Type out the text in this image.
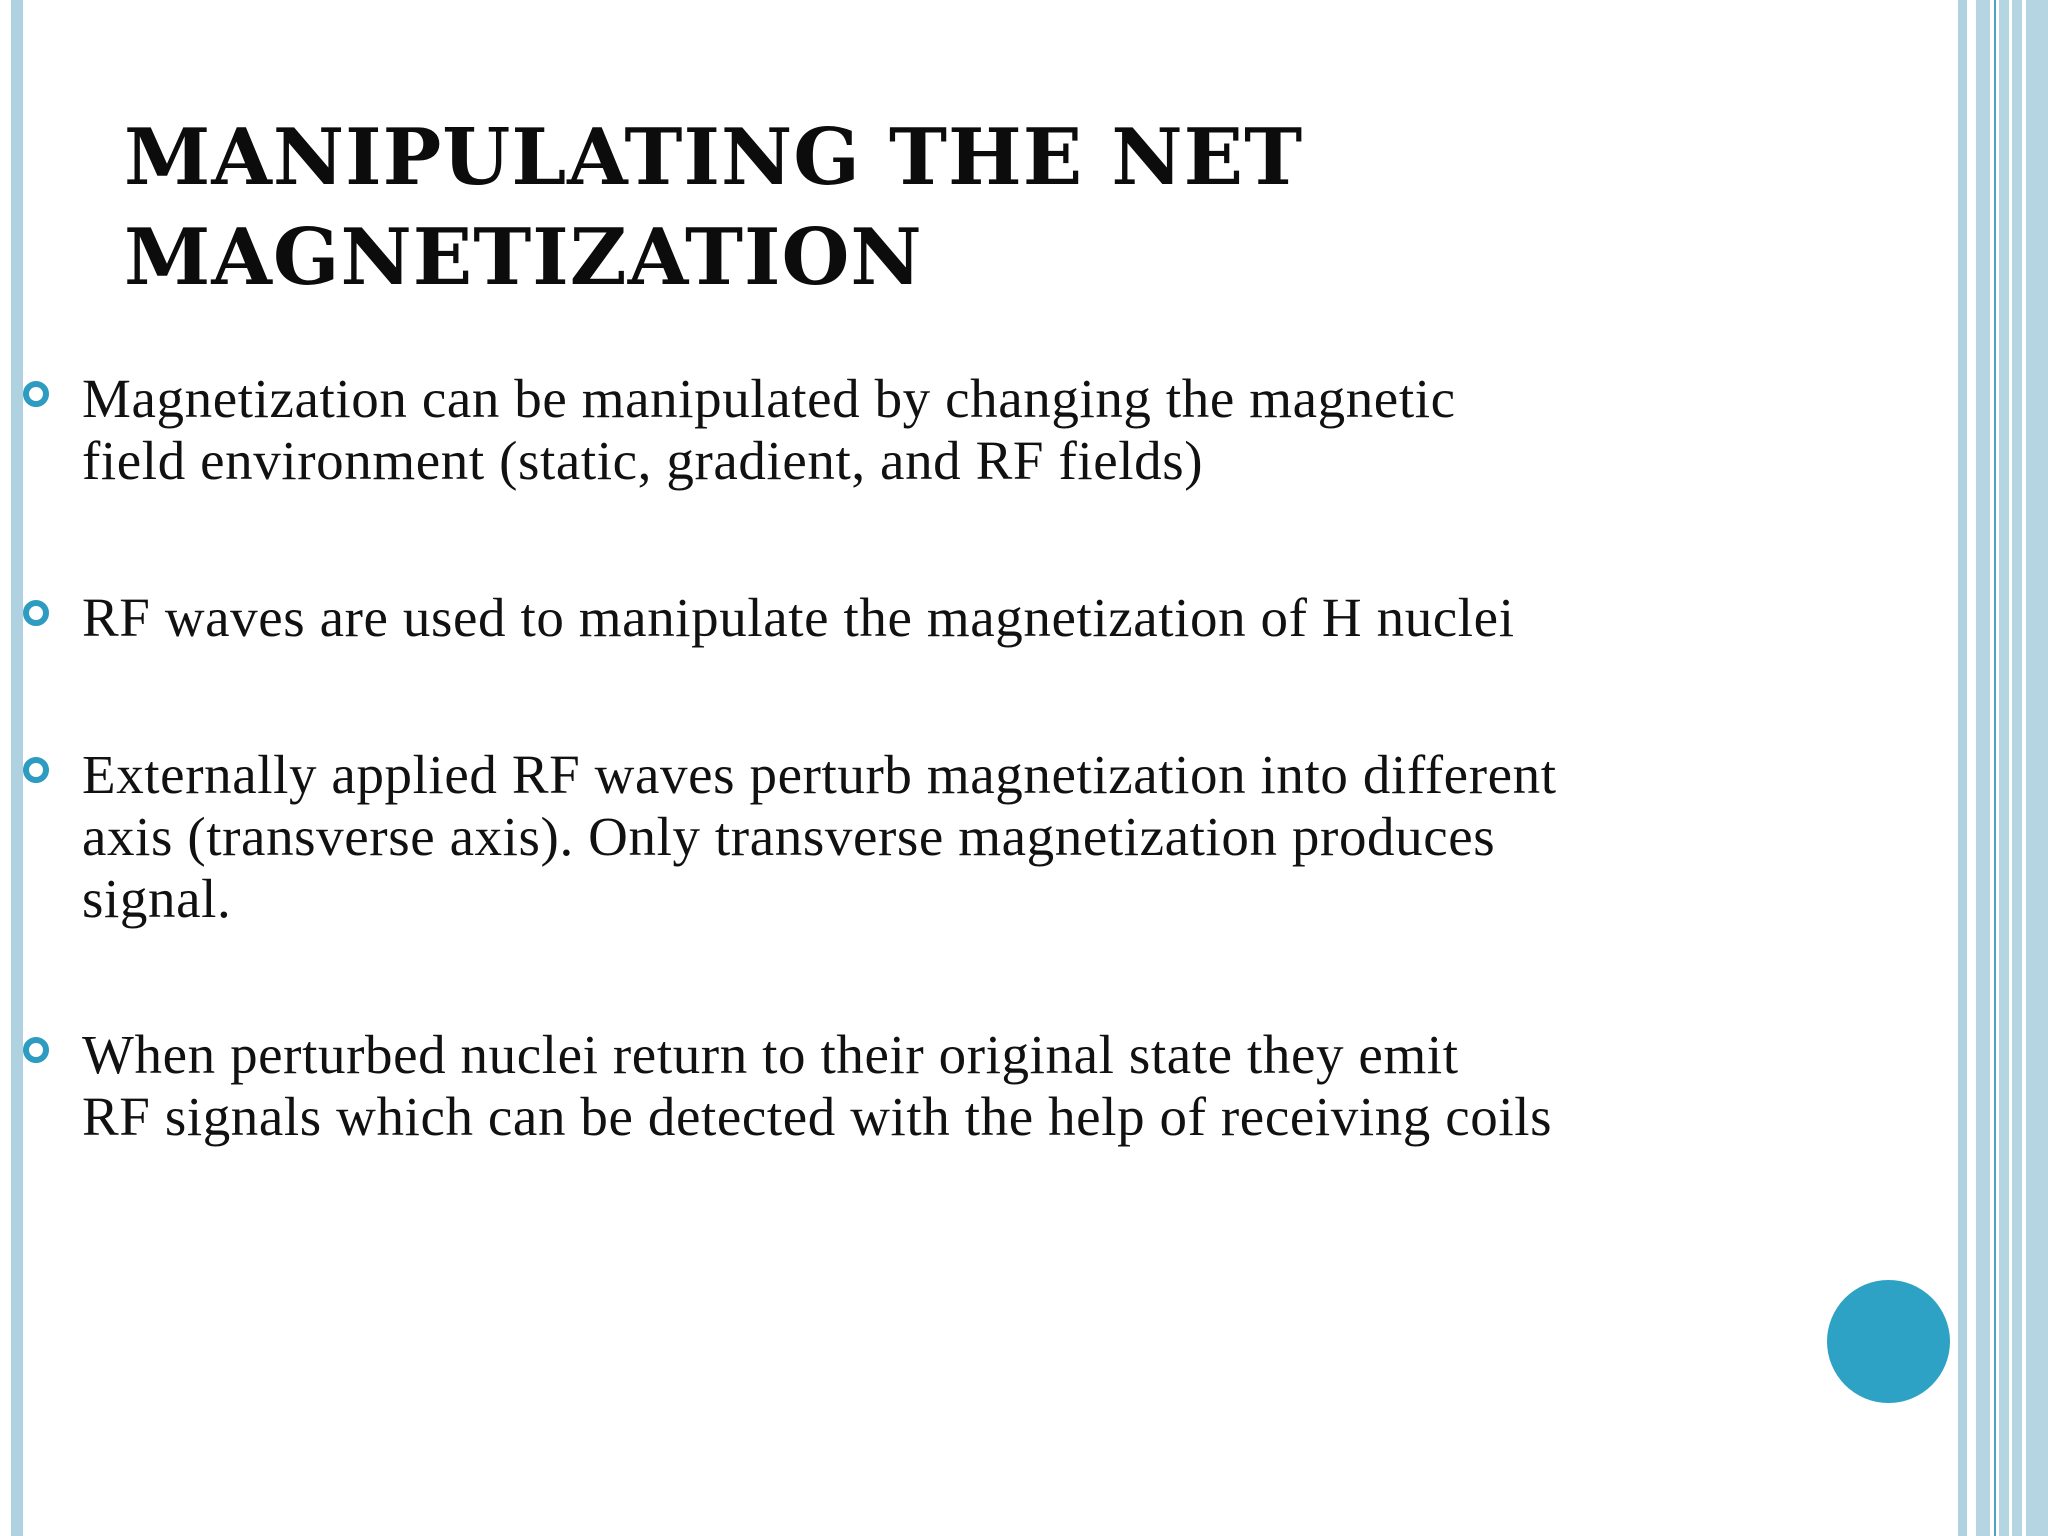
MANIPULATING THE NET
MAGNETIZATION
Magnetization can be manipulated by changing the magnetic
field environment (static, gradient, and RF fields)
RF waves are used to manipulate the magnetization of H nuclei
Externally applied RF waves perturb magnetization into different
axis (transverse axis). Only transverse magnetization produces
signal.
When perturbed nuclei return to their original state they emit
RF signals which can be detected with the help of receiving coils
